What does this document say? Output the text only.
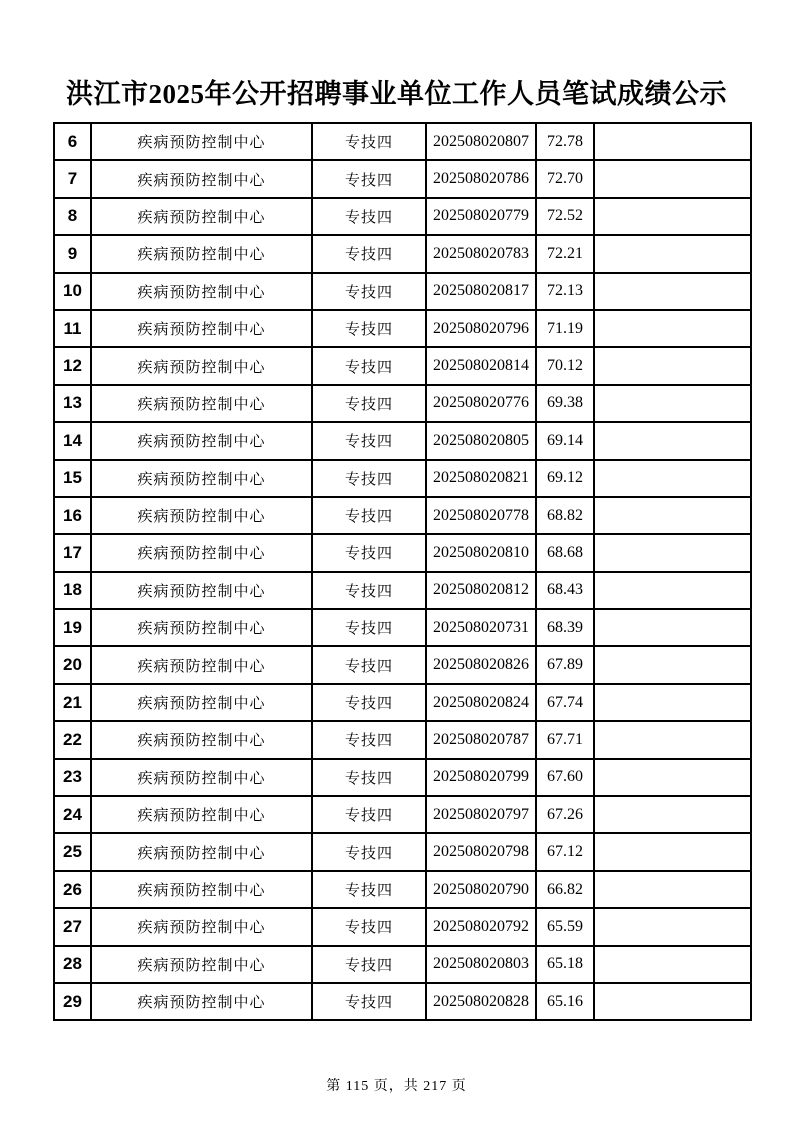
洪江市2025年公开招聘事业单位工作人员笔试成绩公示
6	疾病预防控制中心	专技四	202508020807	72.78	
7	疾病预防控制中心	专技四	202508020786	72.70	
8	疾病预防控制中心	专技四	202508020779	72.52	
9	疾病预防控制中心	专技四	202508020783	72.21	
10	疾病预防控制中心	专技四	202508020817	72.13	
11	疾病预防控制中心	专技四	202508020796	71.19	
12	疾病预防控制中心	专技四	202508020814	70.12	
13	疾病预防控制中心	专技四	202508020776	69.38	
14	疾病预防控制中心	专技四	202508020805	69.14	
15	疾病预防控制中心	专技四	202508020821	69.12	
16	疾病预防控制中心	专技四	202508020778	68.82	
17	疾病预防控制中心	专技四	202508020810	68.68	
18	疾病预防控制中心	专技四	202508020812	68.43	
19	疾病预防控制中心	专技四	202508020731	68.39	
20	疾病预防控制中心	专技四	202508020826	67.89	
21	疾病预防控制中心	专技四	202508020824	67.74	
22	疾病预防控制中心	专技四	202508020787	67.71	
23	疾病预防控制中心	专技四	202508020799	67.60	
24	疾病预防控制中心	专技四	202508020797	67.26	
25	疾病预防控制中心	专技四	202508020798	67.12	
26	疾病预防控制中心	专技四	202508020790	66.82	
27	疾病预防控制中心	专技四	202508020792	65.59	
28	疾病预防控制中心	专技四	202508020803	65.18	
29	疾病预防控制中心	专技四	202508020828	65.16	
第 115 页，共 217 页
